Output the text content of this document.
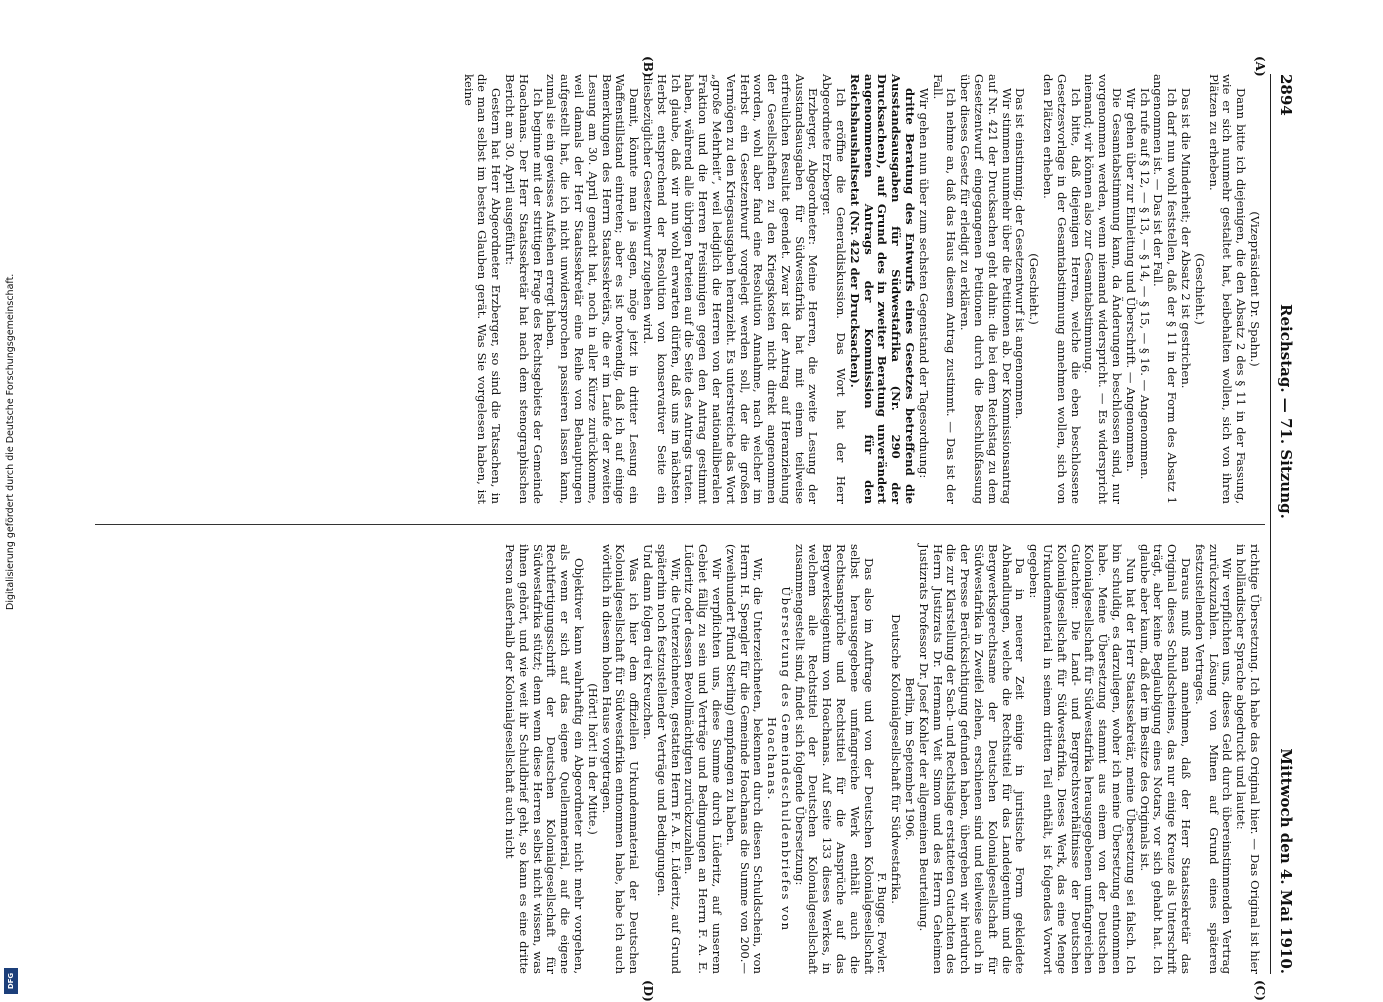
2894
Reichstag. — 71. Sitzung.
Mittwoch den 4. Mai 1910.
(A)
(B)
(C)
(D)

(Vizepräsident Dr. Spahn.)

Dann bitte ich diejenigen, die den Absatz 2 des § 11 in der Fassung, wie er sich nunmehr gestaltet hat, beibehalten wollen, sich von ihren Plätzen zu erheben.

(Geschieht.)

Das ist die Minderheit; der Absatz 2 ist gestrichen.

Ich darf nun wohl feststellen, daß der § 11 in der Form des Absatz 1 angenommen ist. — Das ist der Fall.

Ich rufe auf § 12, — § 13, — § 14, — § 15, — § 16. — Angenommen.

Wir gehen über zur Einleitung und Überschrift. — Angenommen.

Die Gesamtabstimmung kann, da Änderungen beschlossen sind, nur vorgenommen werden, wenn niemand widerspricht. — Es widerspricht niemand; wir können also zur Gesamtabstimmung.

Ich bitte, daß diejenigen Herren, welche die eben beschlossene Gesetzesvorlage in der Gesamtabstimmung annehmen wollen, sich von den Plätzen erheben.

(Geschieht.)

Das ist einstimmig; der Gesetzentwurf ist angenommen.

Wir stimmen nunmehr über die Petitionen ab. Der Kommissionsantrag auf Nr. 421 der Drucksachen geht dahin: die bei dem Reichstag zu dem Gesetzentwurf eingegangenen Petitionen durch die Beschlußfassung über dieses Gesetz für erledigt zu erklären.

Ich nehme an, daß das Haus diesem Antrag zustimmt. — Das ist der Fall.

Wir gehen nun über zum sechsten Gegenstand der Tagesordnung:

dritte Beratung des Entwurfs eines Gesetzes betreffend die Ausstandsausgaben für Südwestafrika (Nr. 290 der Drucksachen), auf Grund des in zweiter Beratung unverändert angenommenen Antrags der Kommission für den Reichshaushaltsetat (Nr. 422 der Drucksachen).

Ich eröffne die Generaldiskussion. Das Wort hat der Herr Abgeordnete Erzberger.

Erzberger, Abgeordneter: Meine Herren, die zweite Lesung der Ausstandsausgaben für Südwestafrika hat mit einem teilweise erfreulichen Resultat geendet. Zwar ist der Antrag auf Heranziehung der Gesellschaften zu den Kriegskosten nicht direkt angenommen worden, wohl aber fand eine Resolution Annahme, nach welcher im Herbst ein Gesetzentwurf vorgelegt werden soll, der die großen Vermögen zu den Kriegsausgaben heranzieht. Es unterstreiche das Wort „große Mehrheit“, weil lediglich die Herren von der nationalliberalen Fraktion und die Herren Freisinnigen gegen den Antrag gestimmt haben, während alle übrigen Parteien auf die Seite des Antrags traten. Ich glaube, daß wir nun wohl erwarten dürfen, daß uns im nächsten Herbst entsprechend der Resolution von konservativer Seite ein diesbezüglicher Gesetzentwurf zugehen wird.

Damit, könnte man ja sagen, möge jetzt in dritter Lesung ein Waffenstillstand eintreten; aber es ist notwendig, daß ich auf einige Bemerkungen des Herrn Staatssekretärs, die er im Laufe der zweiten Lesung am 30. April gemacht hat, noch in aller Kürze zurückkomme, weil damals der Herr Staatssekretär eine Reihe von Behauptungen aufgestellt hat, die ich nicht unwidersprochen passieren lassen kann, zumal sie ein gewisses Aufsehen erregt haben.

Ich beginne mit der strittigen Frage des Rechtsgebiets der Gemeinde Hoachanas. Der Herr Staatssekretär hat nach dem stenographischen Bericht am 30. April ausgeführt:

Gestern hat Herr Abgeordneter Erzberger, so sind die Tatsachen, in die man selbst im besten Glauben gerät. Was Sie vorgelesen haben, ist keine

richtige Übersetzung. Ich habe das Original hier. — Das Original ist hier in holländischer Sprache abgedruckt und lautet:

Wir verpflichten uns, dieses Geld durch übereinstimmenden Vertrag zurückzuzahlen. Lösung von Minen auf Grund eines späteren festzustellenden Vertrages.

Daraus muß man annehmen, daß der Herr Staatssekretär das Original dieses Schuldscheines, das nur einige Kreuze als Unterschrift trägt, aber keine Beglaubigung eines Notars, vor sich gehabt hat. Ich glaube aber kaum, daß der im Besitze des Originals ist.

Nun hat der Herr Staatssekretär, meine Übersetzung sei falsch. Ich bin schuldig, es darzulegen, woher ich meine Übersetzung entnommen habe. Meine Übersetzung stammt aus einem von der Deutschen Kolonialgesellschaft für Südwestafrika herausgegebenen umfangreichen Gutachten: Die Land- und Bergrechtsverhältnisse der Deutschen Kolonialgesellschaft für Südwestafrika. Dieses Werk, das eine Menge Urkundenmaterial in seinem dritten Teil enthält, ist folgendes Vorwort gegeben:

Da in neuerer Zeit einige in juristische Form gekleidete Abhandlungen, welche die Rechtstitel für das Landeigentum und die Bergwerksgerechtsame der Deutschen Kolonialgesellschaft für Südwestafrika in Zweifel ziehen, erschienen sind und teilweise auch in der Presse Berücksichtigung gefunden haben, übergeben wir hierdurch die zur Klarstellung der Sach- und Rechtslage erstatteten Gutachten des Herrn Justizrats Dr. Hermann Veit Simon und des Herrn Geheimen Justizrats Professor Dr. Josef Kohler der allgemeinen Beurteilung.

Berlin, im September 1906.

Deutsche Kolonialgesellschaft für Südwestafrika.

F. Bugge. Fowler.

Das also im Auftrage und von der Deutschen Kolonialgesellschaft selbst herausgegebene umfangreiche Werk enthält auch die Rechtsansprüche und Rechtstitel für die Ansprüche auf das Bergwerkseigentum von Hoachanas. Auf Seite 133 dieses Werkes, in welchem alle Rechtstitel der Deutschen Kolonialgesellschaft zusammengestellt sind, findet sich folgende Übersetzung:

Übersetzung des Gemeindeschuldenbriefes von Hoachanas.

Wir, die Unterzeichneten, bekennen durch diesen Schuldschein, von Herrn H. Spengler für die Gemeinde Hoachanas die Summe von 200.— (zweihundert Pfund Sterling) empfangen zu haben.

Wir verpflichten uns, diese Summe durch Lüderitz, auf unserem Gebiet fällig zu sein und Verträge und Bedingungen an Herrn F. A. E. Lüderitz oder dessen Bevollmächtigten zurückzuzahlen.

Wir, die Unterzeichneten, gestatten Herrn F. A. E. Lüderitz, auf Grund späterhin noch festzustellender Verträge und Bedingungen.

Und dann folgen drei Kreuzchen.

Was ich hier dem offiziellen Urkundenmaterial der Deutschen Kolonialgesellschaft für Südwestafrika entnommen habe, habe ich auch wörtlich in diesem hohen Hause vorgetragen.

(Hört! hört! in der Mitte.)

Objektiver kann wahrhaftig ein Abgeordneter nicht mehr vorgehen, als wenn er sich auf das eigene Quellenmaterial, auf die eigene Rechtfertigungsschrift der Deutschen Kolonialgesellschaft für Südwestafrika stützt; denn wenn diese Herren selbst nicht wissen, was ihnen gehört, und wie weit ihr Schuldbrief geht, so kann es eine dritte Person außerhalb der Kolonialgesellschaft auch nicht

Digitalisierung gefördert durch die Deutsche Forschungsgemeinschaft.
DFG
